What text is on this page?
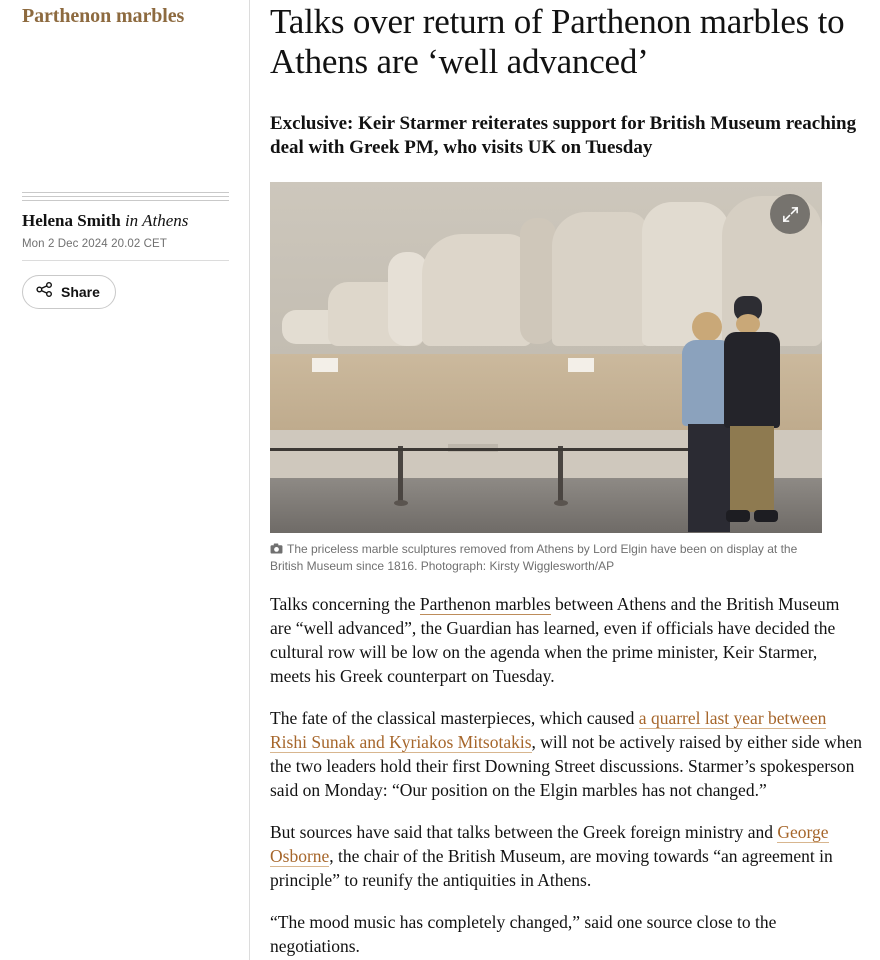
Parthenon marbles
Helena Smith in Athens
Mon 2 Dec 2024 20.02 CET
Share
Talks over return of Parthenon marbles to Athens are ‘well advanced’
Exclusive: Keir Starmer reiterates support for British Museum reaching deal with Greek PM, who visits UK on Tuesday
The priceless marble sculptures removed from Athens by Lord Elgin have been on display at the British Museum since 1816. Photograph: Kirsty Wigglesworth/AP

Talks concerning the Parthenon marbles between Athens and the British Museum are “well advanced”, the Guardian has learned, even if officials have decided the cultural row will be low on the agenda when the prime minister, Keir Starmer, meets his Greek counterpart on Tuesday.

The fate of the classical masterpieces, which caused a quarrel last year between Rishi Sunak and Kyriakos Mitsotakis, will not be actively raised by either side when the two leaders hold their first Downing Street discussions. Starmer’s spokesperson said on Monday: “Our position on the Elgin marbles has not changed.”

But sources have said that talks between the Greek foreign ministry and George Osborne, the chair of the British Museum, are moving towards “an agreement in principle” to reunify the antiquities in Athens.

“The mood music has completely changed,” said one source close to the negotiations.
